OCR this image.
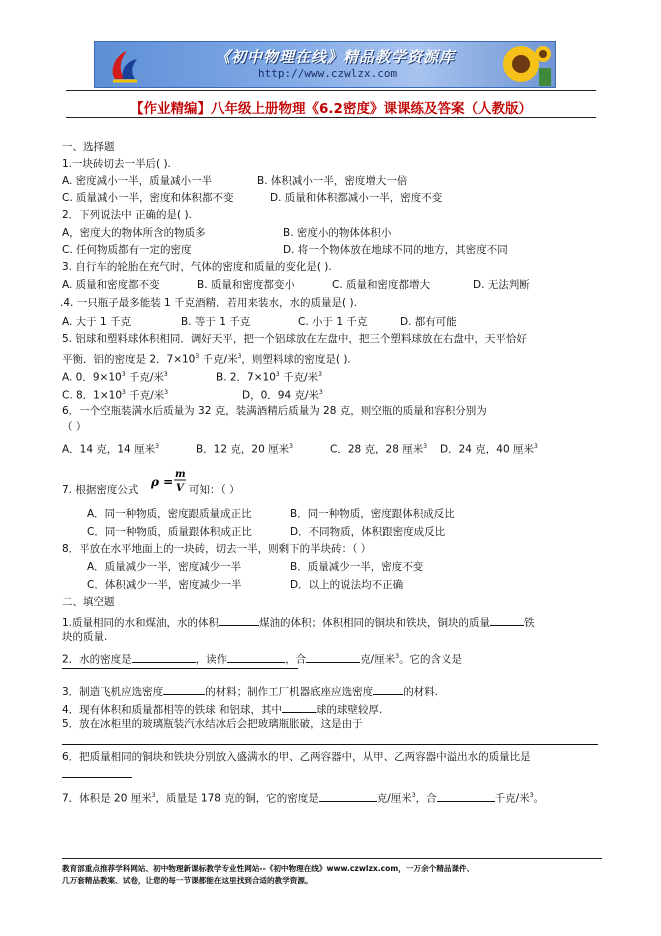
《初中物理在线》精品教学资源库
http://www.czwlzx.com
【作业精编】八年级上册物理《6.2密度》课课练及答案（人教版）
一、选择题
1.一块砖切去一半后( ).
A. 密度减小一半，质量减小一半	B. 体积减小一半，密度增大一倍
C. 质量减小一半，密度和体积都不变	D. 质量和体积都减小一半，密度不变
2．下列说法中 正确的是( ).
A，密度大的物体所含的物质多	B. 密度小的物体体积小
C. 任何物质都有一定的密度	D. 将一个物体放在地球不同的地方，其密度不同
3. 自行车的轮胎在充气时，气体的密度和质量的变化是( ).
A. 质量和密度都不变	B. 质量和密度都变小	C. 质量和密度都增大	D. 无法判断
.4. 一只瓶子最多能装 1 千克酒精．若用来装水，水的质量是( ).
A. 大于 1 千克	B. 等于 1 千克	C. 小于 1 千克	D. 都有可能
5. 铝球和塑料球体积相同．调好天平，把一个铝球放在左盘中，把三个塑料球放在右盘中，天平恰好
平衡．铝的密度是 2．$7\times 10^3$ 千克/米$^3$，则塑料球的密度是( ).
A. 0．$9\times 10^3$ 千克/米$^3$	B. 2．$7\times 10^3$ 千克/米$^3$
C. 8．$1\times 10^3$ 千克/米$^3$	D，0．94 克/米$^3$
6．一个空瓶装满水后质量为 32 克，装满酒精后质量为 28 克，则空瓶的质量和容积分别为
（ ）
A．14 克，14 厘米$^3$	B．12 克，20 厘米$^3$	C．28 克，28 厘米$^3$ D．24 克，40 厘米$^3$
7. 根据密度公式
ρ =
m
V 可知：（ ）
A．同一种物质，密度跟质量成正比	B．同一种物质，密度跟体积成反比
C．同一种物质，质量跟体积成正比	D．不同物质，体积跟密度成反比
8．平放在水平地面上的一块砖，切去一半，则剩下的半块砖：（ ）
A．质量减少一半，密度减少一半	B．质量减少一半，密度不变
C．体积减少一半，密度减少一半	D．以上的说法均不正确
二、填空题
1.质量相同的水和煤油，水的体积	煤油的体积；体积相同的铜块和铁块，铜块的质量	铁
块的质量.
2．水的密度是	，读作	，合	克/厘米$^3$。它的含义是
3．制造飞机应选密度	的材料；制作工厂机器底座应选密度	的材料.
4．现有体积和质量都相等的铁球 和铝球，其中	球的球壁较厚.
5．放在冰柜里的玻璃瓶装汽水结冰后会把玻璃瓶胀破，这是由于
6．把质量相同的铜块和铁块分别放入盛满水的甲、乙两容器中，从甲、乙两容器中溢出水的质量比是
7．体积是 20 厘米$^3$，质量是 178 克的铜，它的密度是	克/厘米$^3$，合	千克/米$^3$。
教育部重点推荐学科网站、初中物理新课标教学专业性网站--《初中物理在线》www.czwlzx.com，一万余个精品课件、
几万套精品教案、试卷，让您的每一节课都能在这里找到合适的教学资源。
